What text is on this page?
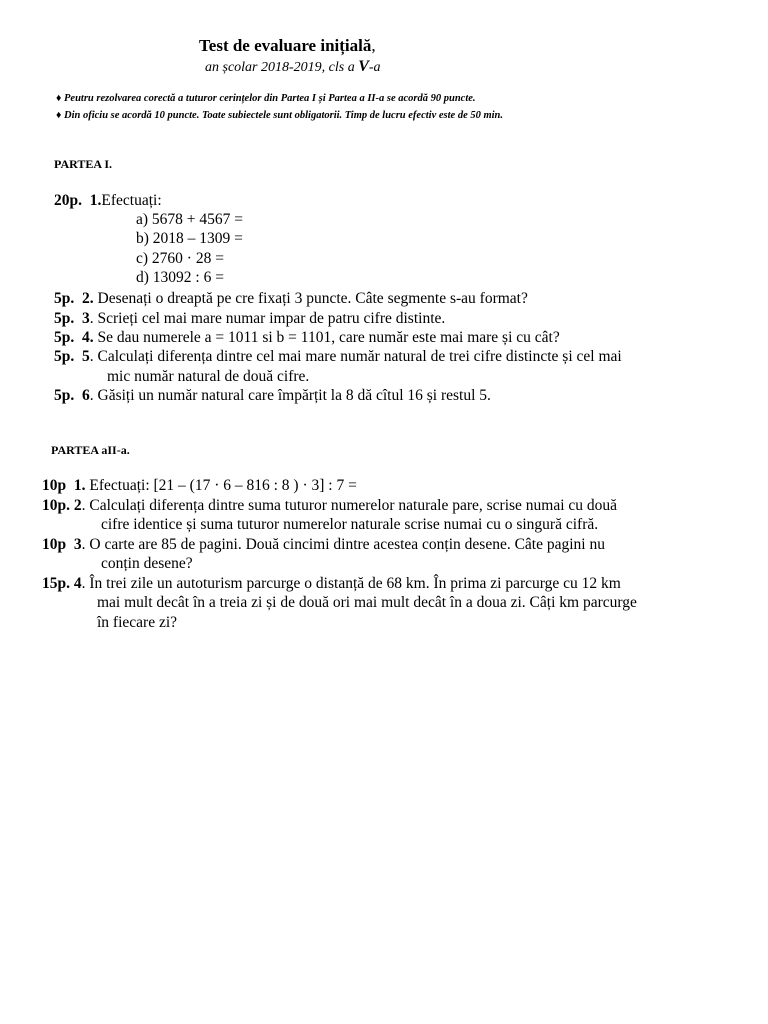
Test de evaluare inițială,
an școlar 2018-2019, cls a V-a
♦ Peutru rezolvarea corectă a tuturor cerințelor din Partea I și Partea a II-a se acordă 90 puncte.
♦ Din oficiu se acordă 10 puncte. Toate subiectele sunt obligatorii. Timp de lucru efectiv este de 50 min.
PARTEA I.
20p. 1.Efectuați:
a) 5678 + 4567 =
b) 2018 – 1309 =
c) 2760 · 28 =
d) 13092 : 6 =
5p. 2. Desenați o dreaptă pe cre fixați 3 puncte. Câte segmente s-au format?
5p. 3. Scrieți cel mai mare numar impar de patru cifre distinte.
5p. 4. Se dau numerele a = 1011 si b = 1101, care număr este mai mare și cu cât?
5p. 5. Calculați diferența dintre cel mai mare număr natural de trei cifre distincte și cel mai
mic număr natural de două cifre.
5p. 6. Găsiți un număr natural care împărțit la 8 dă cîtul 16 și restul 5.
PARTEA aII-a.
10p 1. Efectuați: [21 – (17 · 6 – 816 : 8 ) · 3] : 7 =
10p. 2. Calculați diferența dintre suma tuturor numerelor naturale pare, scrise numai cu două
cifre identice și suma tuturor numerelor naturale scrise numai cu o singură cifră.
10p 3. O carte are 85 de pagini. Două cincimi dintre acestea conțin desene. Câte pagini nu
conțin desene?
15p. 4. În trei zile un autoturism parcurge o distanță de 68 km. În prima zi parcurge cu 12 km
mai mult decât în a treia zi și de două ori mai mult decât în a doua zi. Câți km parcurge
în fiecare zi?
